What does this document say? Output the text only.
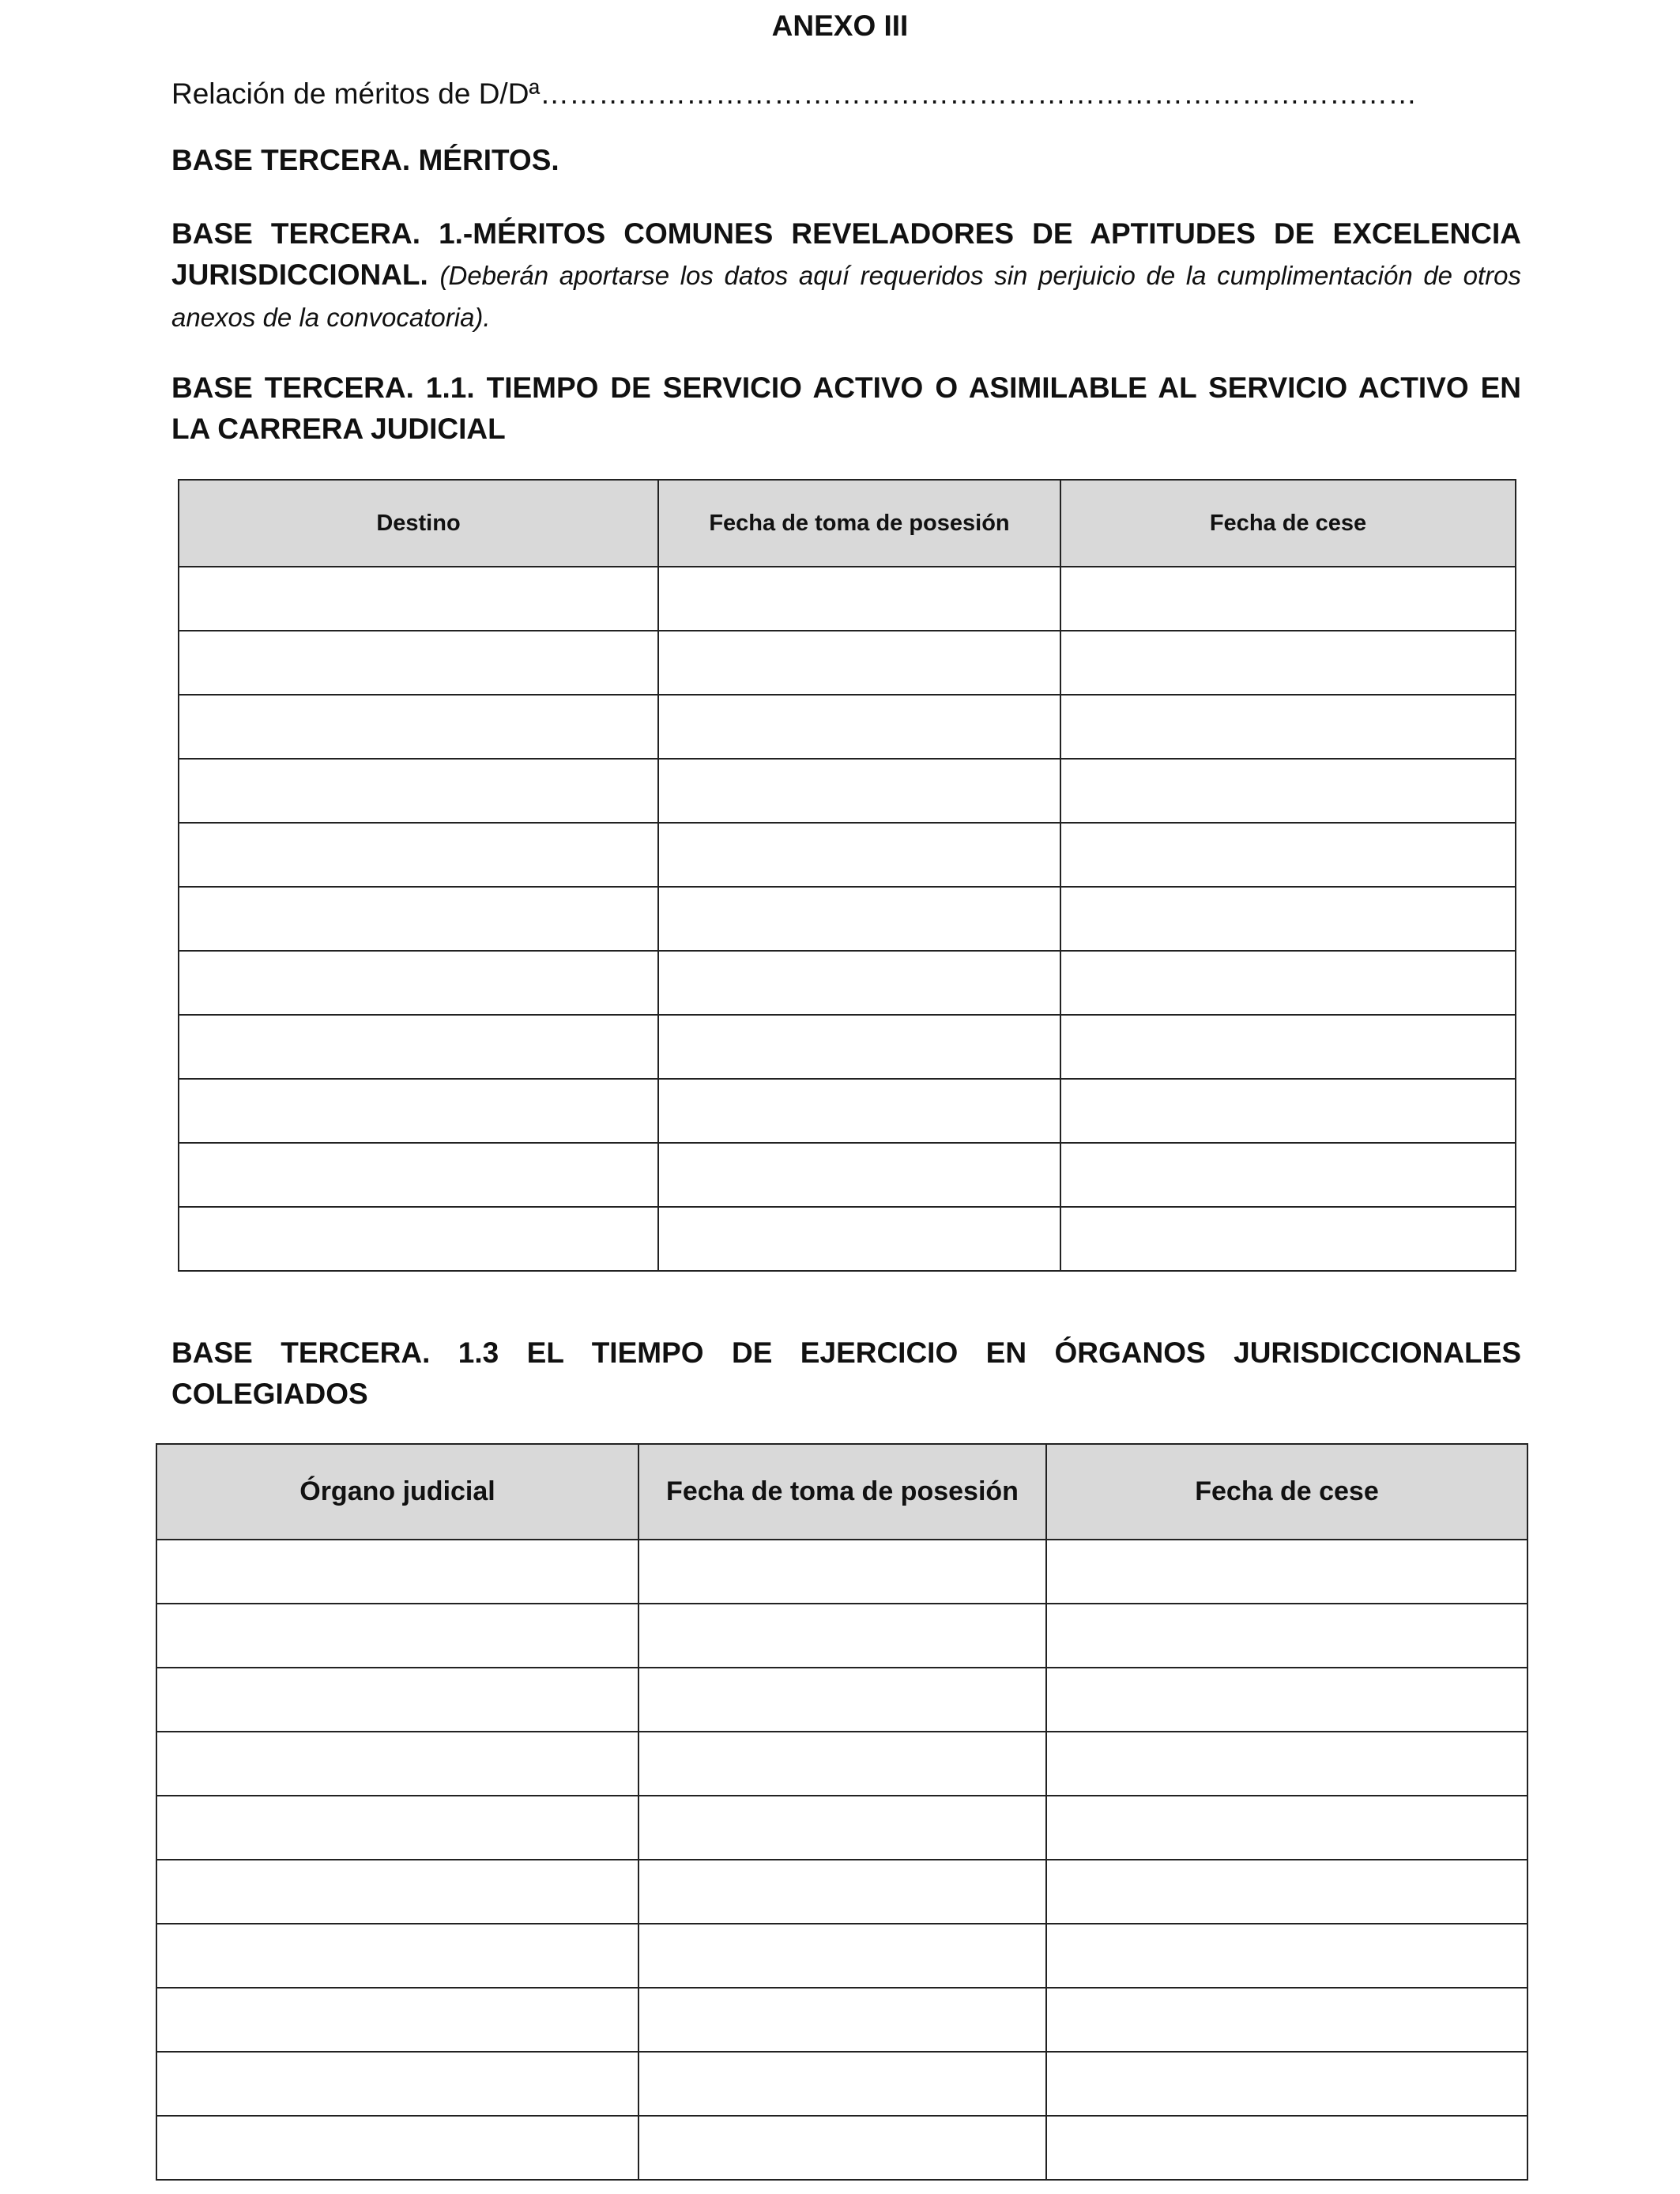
ANEXO III
Relación de méritos de D/Dª………………………………………………………………………………
BASE TERCERA. MÉRITOS.
BASE TERCERA. 1.-MÉRITOS COMUNES REVELADORES DE APTITUDES DE EXCELENCIA JURISDICCIONAL. (Deberán aportarse los datos aquí requeridos sin perjuicio de la cumplimentación de otros anexos de la convocatoria).
BASE TERCERA. 1.1. TIEMPO DE SERVICIO ACTIVO O ASIMILABLE AL SERVICIO ACTIVO EN LA CARRERA JUDICIAL
Destino	Fecha de toma de posesión	Fecha de cese

BASE TERCERA. 1.3 EL TIEMPO DE EJERCICIO EN ÓRGANOS JURISDICCIONALES COLEGIADOS
Órgano judicial	Fecha de toma de posesión	Fecha de cese
